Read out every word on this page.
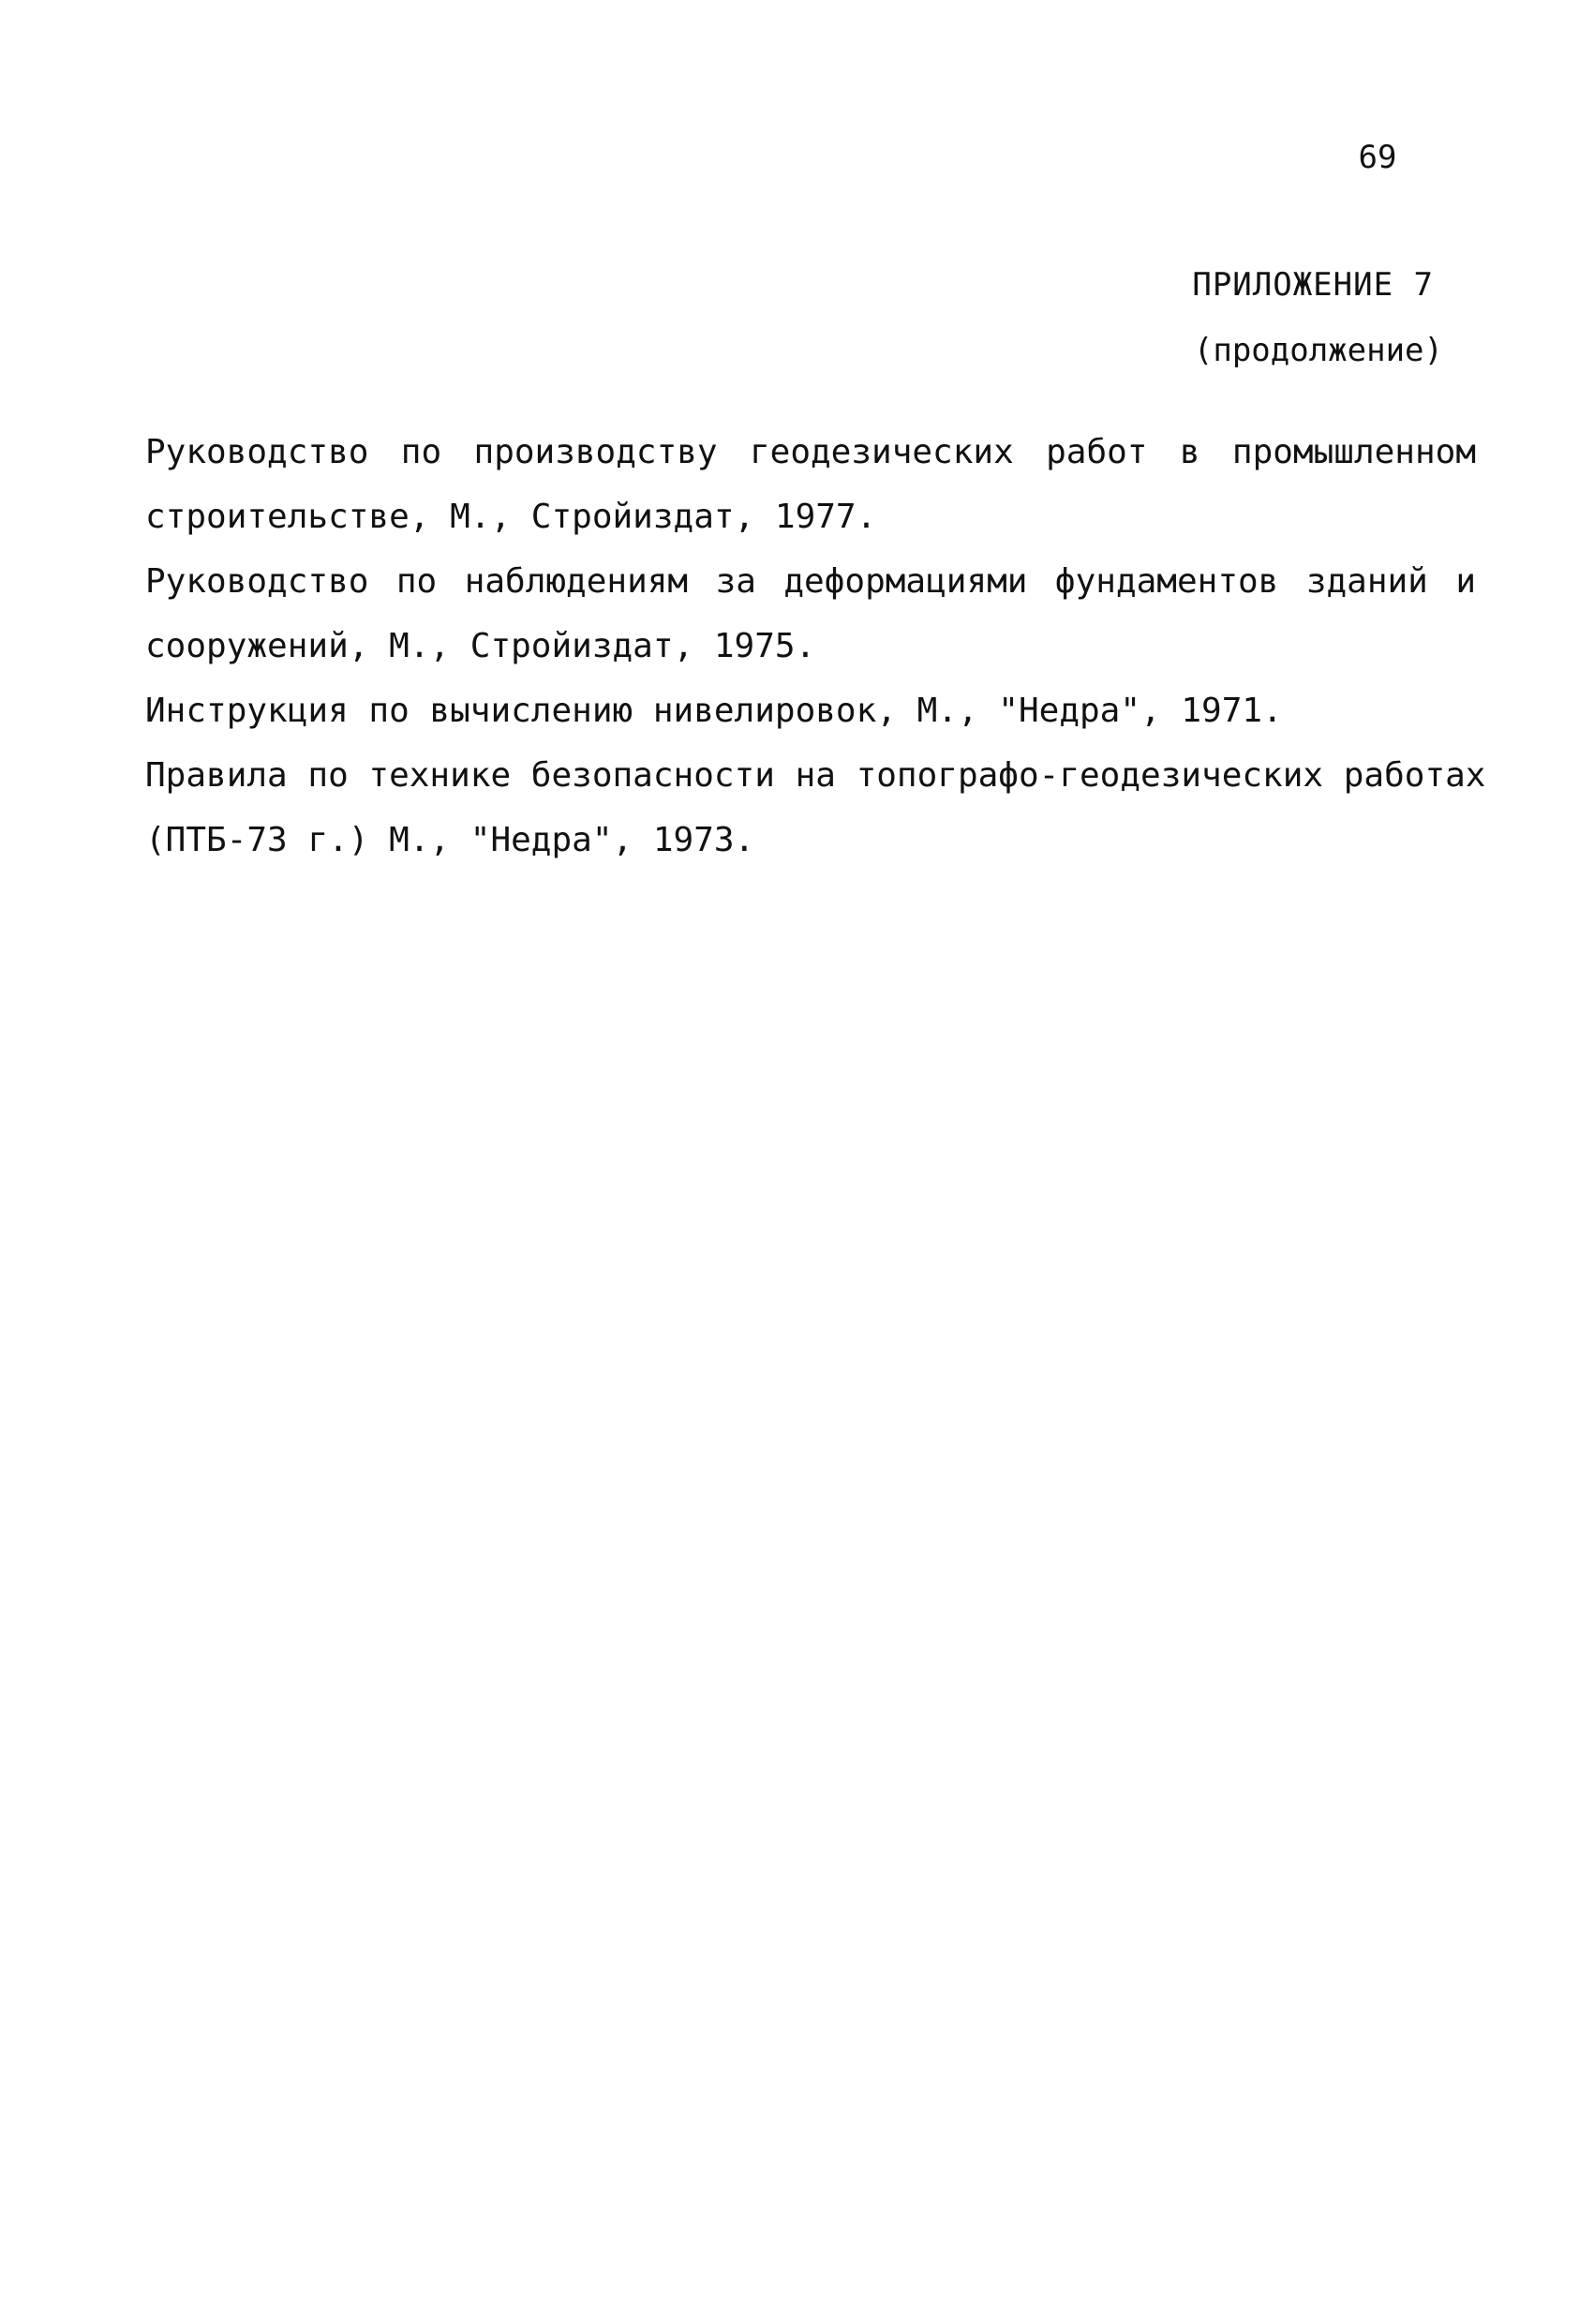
69
ПРИЛОЖЕНИЕ 7
(продолжение)
Руководство по производству геодезических работ в промышленном
строительстве, М., Стройиздат, 1977.
Руководство по наблюдениям за деформациями фундаментов зданий и
сооружений, М., Стройиздат, 1975.
Инструкция по вычислению нивелировок, М., "Недра", 1971.
Правила по технике безопасности на топографо-геодезических работах
(ПТБ-73 г.) М., "Недра", 1973.
